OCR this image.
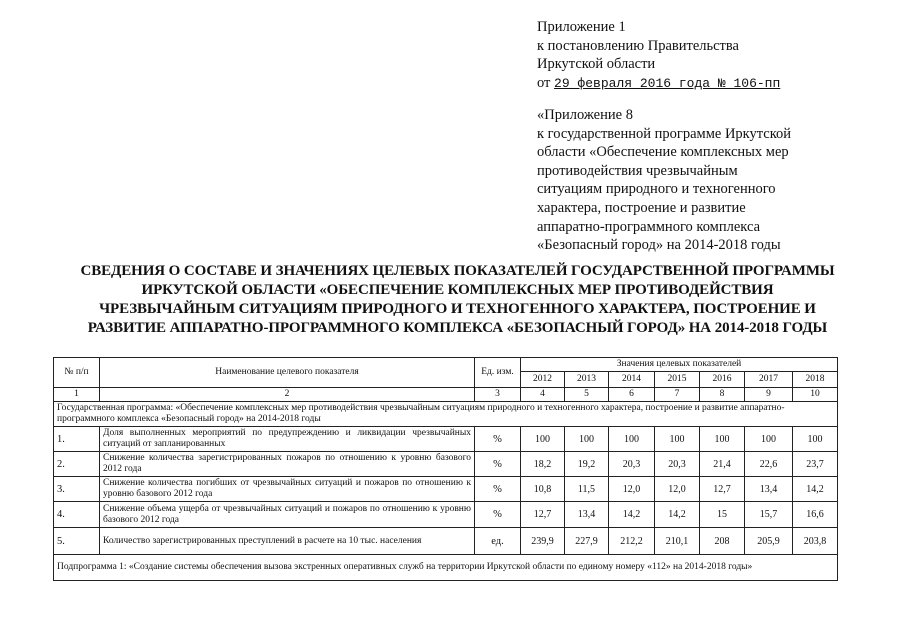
Приложение 1
к постановлению Правительства
Иркутской области
от 29 февраля 2016 года № 106-пп
«Приложение 8
к государственной программе Иркутской
области «Обеспечение комплексных мер
противодействия чрезвычайным
ситуациям природного и техногенного
характера, построение и развитие
аппаратно-программного комплекса
«Безопасный город» на 2014-2018 годы
СВЕДЕНИЯ О СОСТАВЕ И ЗНАЧЕНИЯХ ЦЕЛЕВЫХ ПОКАЗАТЕЛЕЙ ГОСУДАРСТВЕННОЙ ПРОГРАММЫ
ИРКУТСКОЙ ОБЛАСТИ «ОБЕСПЕЧЕНИЕ КОМПЛЕКСНЫХ МЕР ПРОТИВОДЕЙСТВИЯ
ЧРЕЗВЫЧАЙНЫМ СИТУАЦИЯМ ПРИРОДНОГО И ТЕХНОГЕННОГО ХАРАКТЕРА, ПОСТРОЕНИЕ И
РАЗВИТИЕ АППАРАТНО-ПРОГРАММНОГО КОМПЛЕКСА «БЕЗОПАСНЫЙ ГОРОД» НА 2014-2018 ГОДЫ
№ п/п	Наименование целевого показателя	Ед. изм.	Значения целевых показателей						
			2012	2013	2014	2015	2016	2017	2018
1	2	3	4	5	6	7	8	9	10
Государственная программа: «Обеспечение комплексных мер противодействия чрезвычайным ситуациям природного и техногенного характера, построение и развитие аппаратно-программного комплекса «Безопасный город» на 2014-2018 годы									
1.	Доля выполненных мероприятий по предупреждению и ликвидации чрезвычайных ситуаций от запланированных	%	100	100	100	100	100	100	100
2.	Снижение количества зарегистрированных пожаров по отношению к уровню базового 2012 года	%	18,2	19,2	20,3	20,3	21,4	22,6	23,7
3.	Снижение количества погибших от чрезвычайных ситуаций и пожаров по отношению к уровню базового 2012 года	%	10,8	11,5	12,0	12,0	12,7	13,4	14,2
4.	Снижение объема ущерба от чрезвычайных ситуаций и пожаров по отношению к уровню базового 2012 года	%	12,7	13,4	14,2	14,2	15	15,7	16,6
5.	Количество зарегистрированных преступлений в расчете на 10 тыс. населения	ед.	239,9	227,9	212,2	210,1	208	205,9	203,8
Подпрограмма 1: «Создание системы обеспечения вызова экстренных оперативных служб на территории Иркутской области по единому номеру «112» на 2014-2018 годы»									
